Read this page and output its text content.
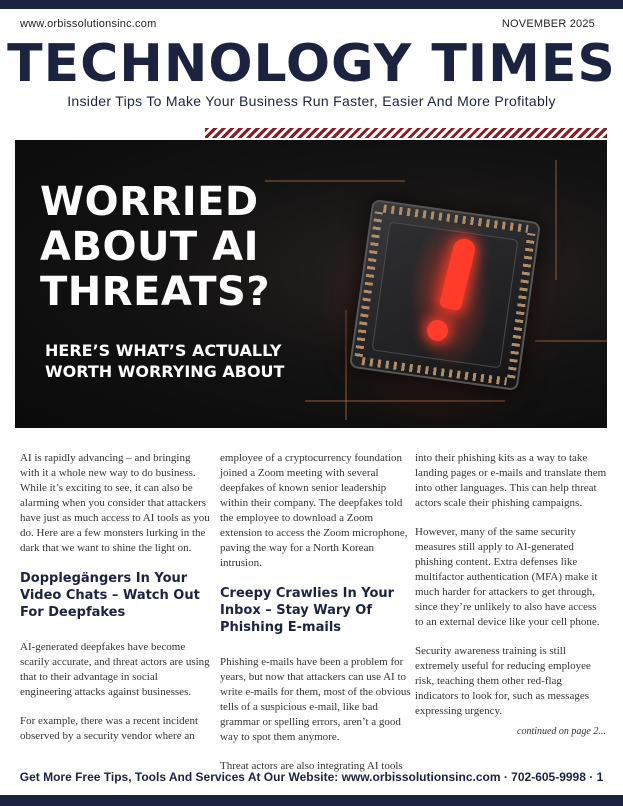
www.orbissolutionsinc.com	NOVEMBER 2025
TECHNOLOGY TIMES
Insider Tips To Make Your Business Run Faster, Easier And More Profitably
WORRIED ABOUT AI THREATS?
HERE’S WHAT’S ACTUALLY WORTH WORRYING ABOUT

AI is rapidly advancing – and bringing with it a whole new way to do business. While it’s exciting to see, it can also be alarming when you consider that attackers have just as much access to AI tools as you do. Here are a few monsters lurking in the dark that we want to shine the light on.

Dopplegängers In Your Video Chats – Watch Out For Deepfakes

AI-generated deepfakes have become scarily accurate, and threat actors are using that to their advantage in social engineering attacks against businesses.

For example, there was a recent incident observed by a security vendor where an

employee of a cryptocurrency foundation joined a Zoom meeting with several deepfakes of known senior leadership within their company. The deepfakes told the employee to download a Zoom extension to access the Zoom microphone, paving the way for a North Korean intrusion.

Creepy Crawlies In Your Inbox – Stay Wary Of Phishing E-mails

Phishing e-mails have been a problem for years, but now that attackers can use AI to write e-mails for them, most of the obvious tells of a suspicious e-mail, like bad grammar or spelling errors, aren’t a good way to spot them anymore.

Threat actors are also integrating AI tools

into their phishing kits as a way to take landing pages or e-mails and translate them into other languages. This can help threat actors scale their phishing campaigns.

However, many of the same security measures still apply to AI-generated phishing content. Extra defenses like multifactor authentication (MFA) make it much harder for attackers to get through, since they’re unlikely to also have access to an external device like your cell phone.

Security awareness training is still extremely useful for reducing employee risk, teaching them other red-flag indicators to look for, such as messages expressing urgency.

continued on page 2...
Get More Free Tips, Tools And Services At Our Website: www.orbissolutionsinc.com · 702-605-9998 · 1
